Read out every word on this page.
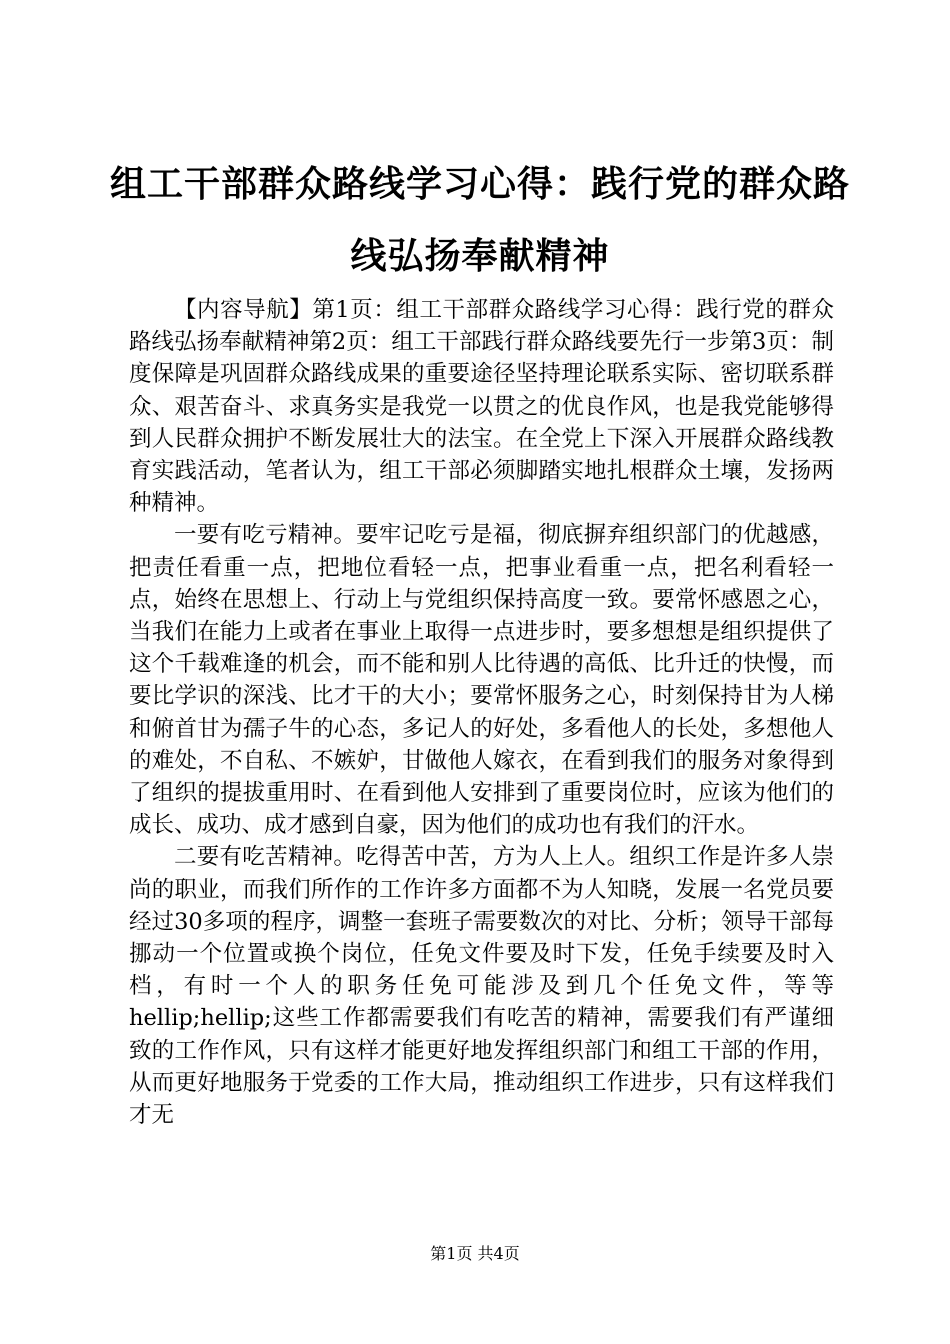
组工干部群众路线学习心得：践行党的群众路
线弘扬奉献精神

【内容导航】第1页：组工干部群众路线学习心得：践行党的群众路线弘扬奉献精神第2页：组工干部践行群众路线要先行一步第3页：制度保障是巩固群众路线成果的重要途径坚持理论联系实际、密切联系群众、艰苦奋斗、求真务实是我党一以贯之的优良作风，也是我党能够得到人民群众拥护不断发展壮大的法宝。在全党上下深入开展群众路线教育实践活动，笔者认为，组工干部必须脚踏实地扎根群众土壤，发扬两种精神。

一要有吃亏精神。要牢记吃亏是福，彻底摒弃组织部门的优越感，把责任看重一点，把地位看轻一点，把事业看重一点，把名利看轻一点，始终在思想上、行动上与党组织保持高度一致。要常怀感恩之心，当我们在能力上或者在事业上取得一点进步时，要多想想是组织提供了这个千载难逢的机会，而不能和别人比待遇的高低、比升迁的快慢，而要比学识的深浅、比才干的大小；要常怀服务之心，时刻保持甘为人梯和俯首甘为孺子牛的心态，多记人的好处，多看他人的长处，多想他人的难处，不自私、不嫉妒，甘做他人嫁衣，在看到我们的服务对象得到了组织的提拔重用时、在看到他人安排到了重要岗位时，应该为他们的成长、成功、成才感到自豪，因为他们的成功也有我们的汗水。

二要有吃苦精神。吃得苦中苦，方为人上人。组织工作是许多人崇尚的职业，而我们所作的工作许多方面都不为人知晓，发展一名党员要经过30多项的程序，调整一套班子需要数次的对比、分析；领导干部每挪动一个位置或换个岗位，任免文件要及时下发，任免手续要及时入档，有时一个人的职务任免可能涉及到几个任免文件，等等hellip;hellip;这些工作都需要我们有吃苦的精神，需要我们有严谨细致的工作作风，只有这样才能更好地发挥组织部门和组工干部的作用，从而更好地服务于党委的工作大局，推动组织工作进步，只有这样我们才无

第1页 共4页
